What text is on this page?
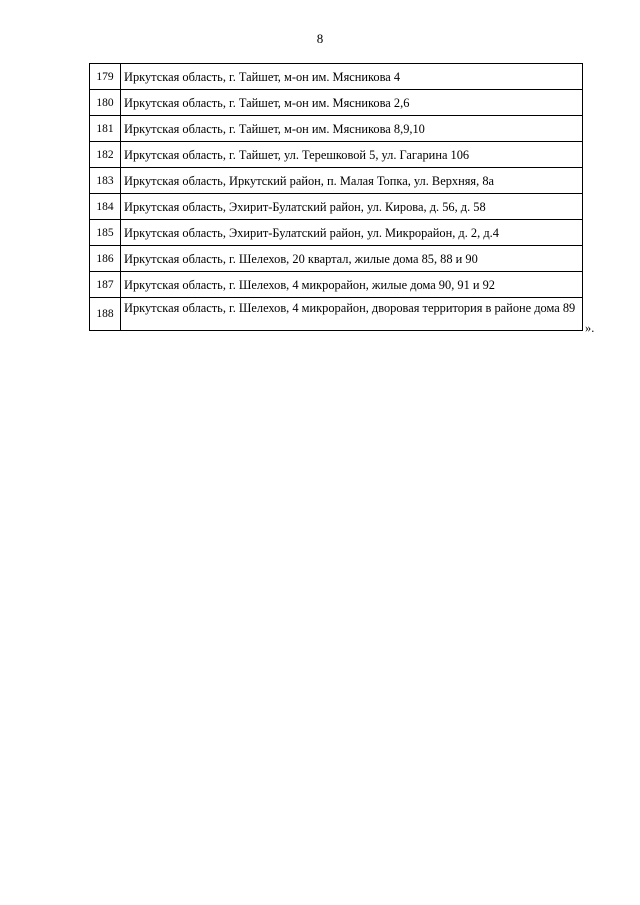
8
179	Иркутская область, г. Тайшет, м-он им. Мясникова 4
180	Иркутская область, г. Тайшет, м-он им. Мясникова 2,6
181	Иркутская область, г. Тайшет, м-он им. Мясникова 8,9,10
182	Иркутская область, г. Тайшет, ул. Терешковой 5, ул. Гагарина 106
183	Иркутская область, Иркутский район, п. Малая Топка, ул. Верхняя, 8а
184	Иркутская область, Эхирит-Булатский район, ул. Кирова, д. 56, д. 58
185	Иркутская область, Эхирит-Булатский район, ул. Микрорайон, д. 2, д.4
186	Иркутская область, г. Шелехов, 20 квартал, жилые дома 85, 88 и 90
187	Иркутская область, г. Шелехов, 4 микрорайон, жилые дома 90, 91 и 92
188	Иркутская область, г. Шелехов, 4 микрорайон, дворовая территория в районе дома 89
».
